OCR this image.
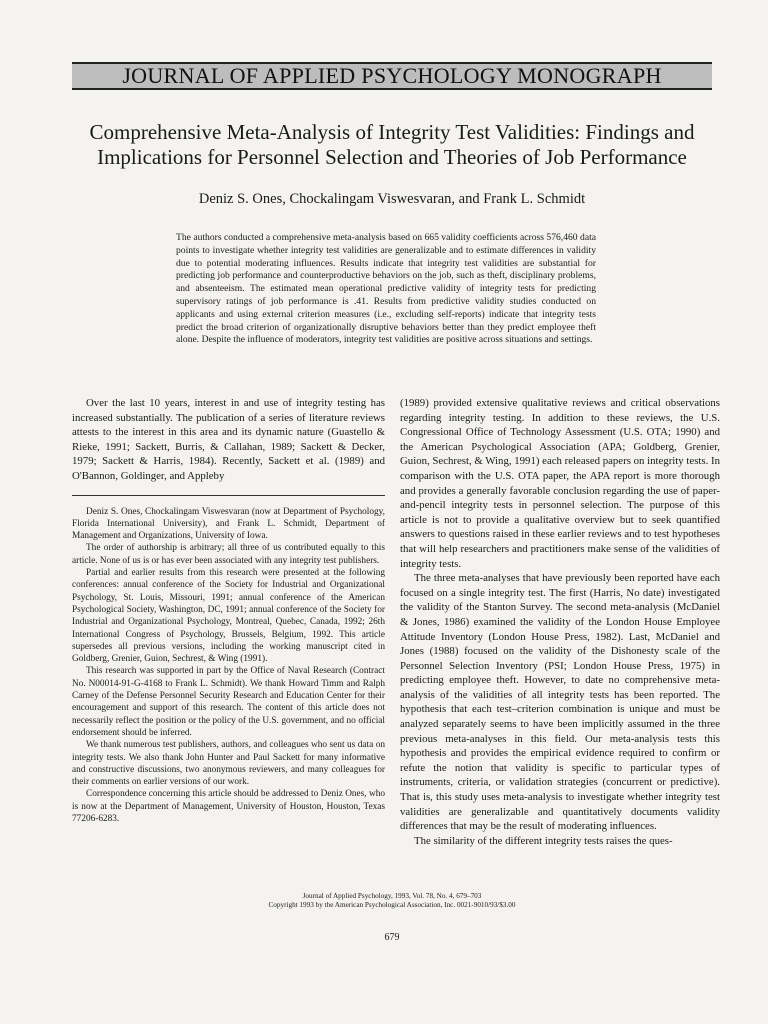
JOURNAL OF APPLIED PSYCHOLOGY MONOGRAPH
Comprehensive Meta-Analysis of Integrity Test Validities: Findings and
Implications for Personnel Selection and Theories of Job Performance
Deniz S. Ones, Chockalingam Viswesvaran, and Frank L. Schmidt

The authors conducted a comprehensive meta-analysis based on 665 validity coefficients across 576,460 data points to investigate whether integrity test validities are generalizable and to estimate differences in validity due to potential moderating influences. Results indicate that integrity test validities are substantial for predicting job performance and counterproductive behaviors on the job, such as theft, disciplinary problems, and absenteeism. The estimated mean operational predictive validity of integrity tests for predicting supervisory ratings of job performance is .41. Results from predictive validity studies conducted on applicants and using external criterion measures (i.e., excluding self-reports) indicate that integrity tests predict the broad criterion of organizationally disruptive behaviors better than they predict employee theft alone. Despite the influence of moderators, integrity test validities are positive across situations and settings.

Over the last 10 years, interest in and use of integrity testing has increased substantially. The publication of a series of literature reviews attests to the interest in this area and its dynamic nature (Guastello & Rieke, 1991; Sackett, Burris, & Callahan, 1989; Sackett & Decker, 1979; Sackett & Harris, 1984). Recently, Sackett et al. (1989) and O'Bannon, Goldinger, and Appleby

Deniz S. Ones, Chockalingam Viswesvaran (now at Department of Psychology, Florida International University), and Frank L. Schmidt, Department of Management and Organizations, University of Iowa.

The order of authorship is arbitrary; all three of us contributed equally to this article. None of us is or has ever been associated with any integrity test publishers.

Partial and earlier results from this research were presented at the following conferences: annual conference of the Society for Industrial and Organizational Psychology, St. Louis, Missouri, 1991; annual conference of the American Psychological Society, Washington, DC, 1991; annual conference of the Society for Industrial and Organizational Psychology, Montreal, Quebec, Canada, 1992; 26th International Congress of Psychology, Brussels, Belgium, 1992. This article supersedes all previous versions, including the working manuscript cited in Goldberg, Grenier, Guion, Sechrest, & Wing (1991).

This research was supported in part by the Office of Naval Research (Contract No. N00014-91-G-4168 to Frank L. Schmidt). We thank Howard Timm and Ralph Carney of the Defense Personnel Security Research and Education Center for their encouragement and support of this research. The content of this article does not necessarily reflect the position or the policy of the U.S. government, and no official endorsement should be inferred.

We thank numerous test publishers, authors, and colleagues who sent us data on integrity tests. We also thank John Hunter and Paul Sackett for many informative and constructive discussions, two anonymous reviewers, and many colleagues for their comments on earlier versions of our work.

Correspondence concerning this article should be addressed to Deniz Ones, who is now at the Department of Management, University of Houston, Houston, Texas 77206-6283.

(1989) provided extensive qualitative reviews and critical observations regarding integrity testing. In addition to these reviews, the U.S. Congressional Office of Technology Assessment (U.S. OTA; 1990) and the American Psychological Association (APA; Goldberg, Grenier, Guion, Sechrest, & Wing, 1991) each released papers on integrity tests. In comparison with the U.S. OTA paper, the APA report is more thorough and provides a generally favorable conclusion regarding the use of paper-and-pencil integrity tests in personnel selection. The purpose of this article is not to provide a qualitative overview but to seek quantified answers to questions raised in these earlier reviews and to test hypotheses that will help researchers and practitioners make sense of the validities of integrity tests.

The three meta-analyses that have previously been reported have each focused on a single integrity test. The first (Harris, No date) investigated the validity of the Stanton Survey. The second meta-analysis (McDaniel & Jones, 1986) examined the validity of the London House Employee Attitude Inventory (London House Press, 1982). Last, McDaniel and Jones (1988) focused on the validity of the Dishonesty scale of the Personnel Selection Inventory (PSI; London House Press, 1975) in predicting employee theft. However, to date no comprehensive meta-analysis of the validities of all integrity tests has been reported. The hypothesis that each test–criterion combination is unique and must be analyzed separately seems to have been implicitly assumed in the three previous meta-analyses in this field. Our meta-analysis tests this hypothesis and provides the empirical evidence required to confirm or refute the notion that validity is specific to particular types of instruments, criteria, or validation strategies (concurrent or predictive). That is, this study uses meta-analysis to investigate whether integrity test validities are generalizable and quantitatively documents validity differences that may be the result of moderating influences.

The similarity of the different integrity tests raises the ques-

Journal of Applied Psychology, 1993, Vol. 78, No. 4, 679–703
Copyright 1993 by the American Psychological Association, Inc. 0021-9010/93/$3.00
679
